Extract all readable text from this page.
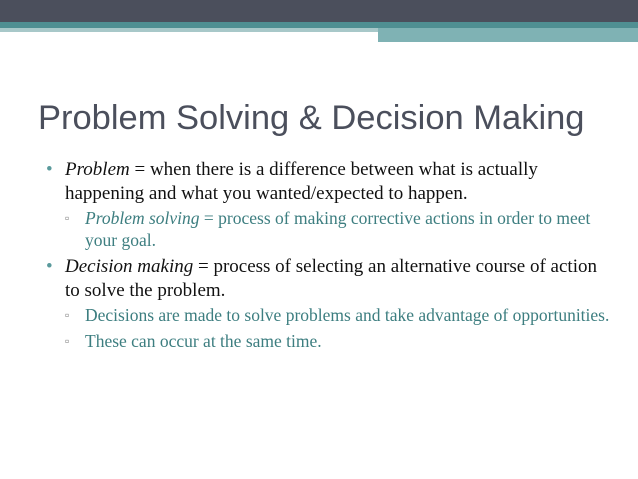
Problem Solving & Decision Making
• Problem = when there is a difference between what is actually happening and what you wanted/expected to happen.
▫ Problem solving = process of making corrective actions in order to meet your goal.
• Decision making = process of selecting an alternative course of action to solve the problem.
▫ Decisions are made to solve problems and take advantage of opportunities.
▫ These can occur at the same time.
